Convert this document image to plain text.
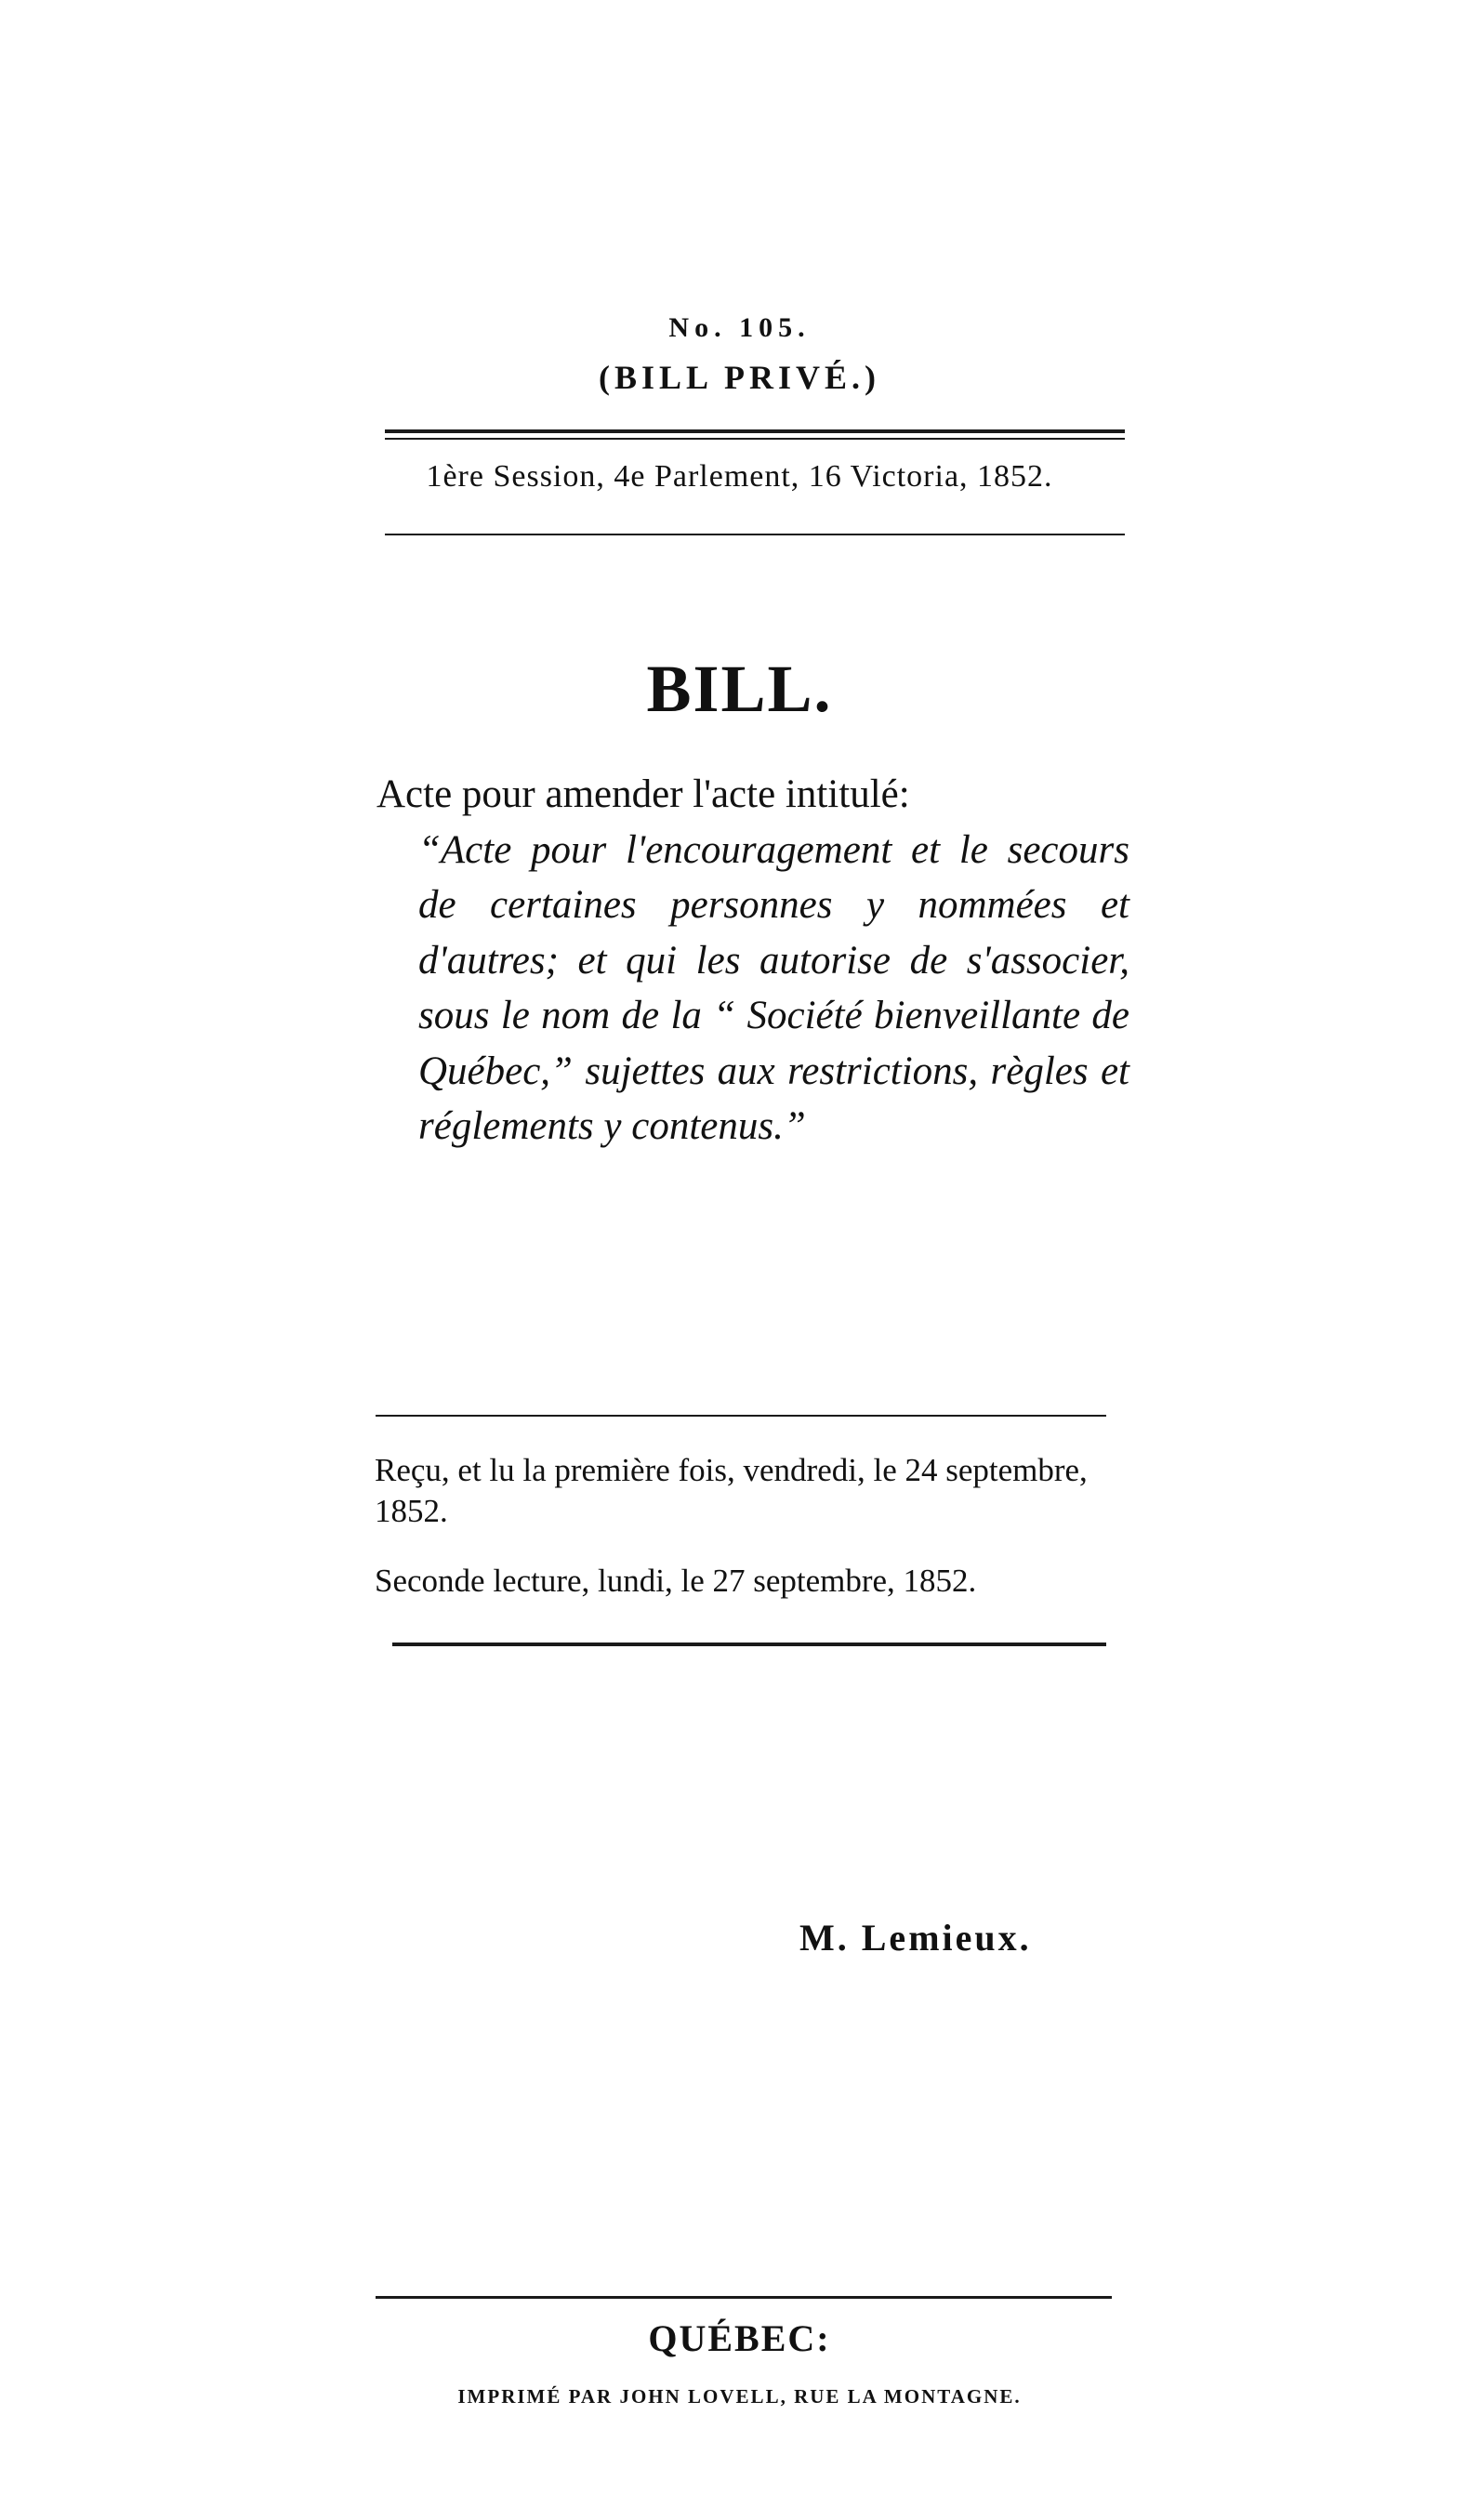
No. 105.
(BILL PRIVÉ.)
1ère Session, 4e Parlement, 16 Victoria, 1852.
BILL.
Acte pour amender l'acte intitulé:
“Acte pour l'encouragement et le secours de certaines personnes y nommées et d'autres; et qui les autorise de s'associer, sous le nom de la “ Société bienveillante de Québec,” sujettes aux restrictions, règles et réglements y contenus.”
Reçu, et lu la première fois, vendredi, le 24 septembre, 1852.
Seconde lecture, lundi, le 27 septembre, 1852.
M. Lemieux.
QUÉBEC:
IMPRIMÉ PAR JOHN LOVELL, RUE LA MONTAGNE.
